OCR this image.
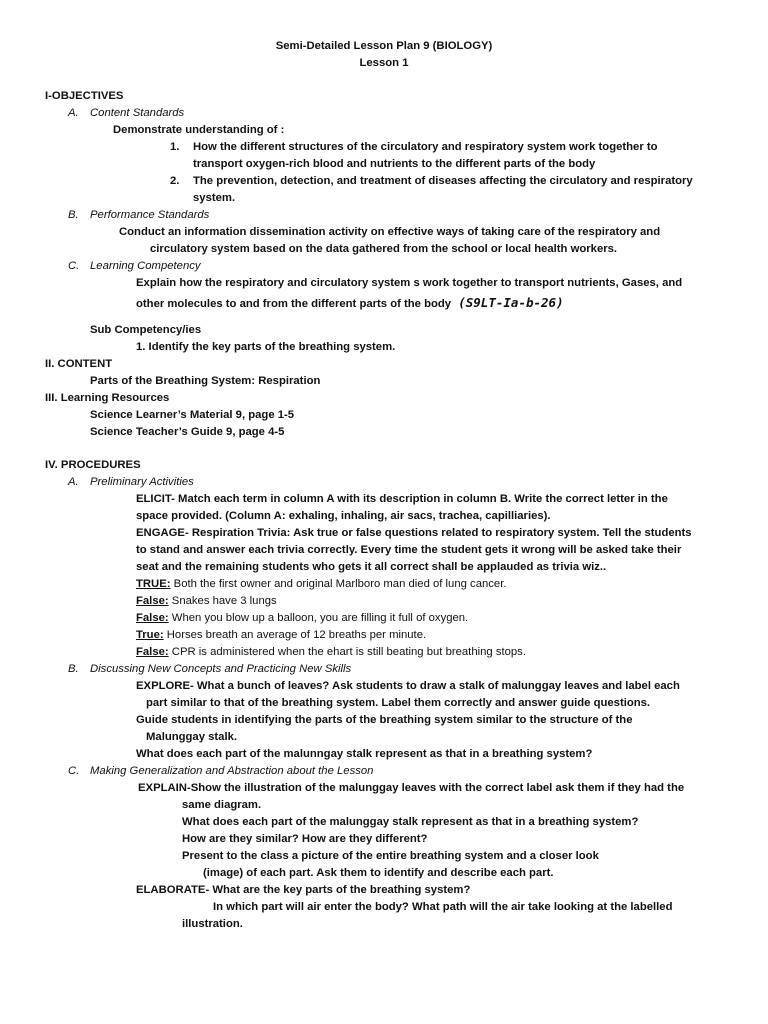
Semi-Detailed Lesson Plan 9 (BIOLOGY)
Lesson 1
I-OBJECTIVES
A. Content Standards
Demonstrate understanding of :
1. How the different structures of the circulatory and respiratory system work together to
transport oxygen-rich blood and nutrients to the different parts of the body
2. The prevention, detection, and treatment of diseases affecting the circulatory and respiratory
system.
B. Performance Standards
Conduct an information dissemination activity on effective ways of taking care of the respiratory and
circulatory system based on the data gathered from the school or local health workers.
C. Learning Competency
Explain how the respiratory and circulatory system s work together to transport nutrients, Gases, and
other molecules to and from the different parts of the body (S9LT-Ia-b-26)
Sub Competency/ies
1. Identify the key parts of the breathing system.
II. CONTENT
Parts of the Breathing System: Respiration
III. Learning Resources
Science Learner’s Material 9, page 1-5
Science Teacher’s Guide 9, page 4-5
IV. PROCEDURES
A. Preliminary Activities
ELICIT- Match each term in column A with its description in column B. Write the correct letter in the
space provided. (Column A: exhaling, inhaling, air sacs, trachea, capilliaries).
ENGAGE- Respiration Trivia: Ask true or false questions related to respiratory system. Tell the students
to stand and answer each trivia correctly. Every time the student gets it wrong will be asked take their
seat and the remaining students who gets it all correct shall be applauded as trivia wiz..
TRUE: Both the first owner and original Marlboro man died of lung cancer.
False: Snakes have 3 lungs
False: When you blow up a balloon, you are filling it full of oxygen.
True: Horses breath an average of 12 breaths per minute.
False: CPR is administered when the ehart is still beating but breathing stops.
B. Discussing New Concepts and Practicing New Skills
EXPLORE- What a bunch of leaves? Ask students to draw a stalk of malunggay leaves and label each
part similar to that of the breathing system. Label them correctly and answer guide questions.
Guide students in identifying the parts of the breathing system similar to the structure of the
Malunggay stalk.
What does each part of the malunngay stalk represent as that in a breathing system?
C. Making Generalization and Abstraction about the Lesson
EXPLAIN-Show the illustration of the malunggay leaves with the correct label ask them if they had the
same diagram.
What does each part of the malunggay stalk represent as that in a breathing system?
How are they similar? How are they different?
Present to the class a picture of the entire breathing system and a closer look
(image) of each part. Ask them to identify and describe each part.
ELABORATE- What are the key parts of the breathing system?
In which part will air enter the body? What path will the air take looking at the labelled
illustration.
